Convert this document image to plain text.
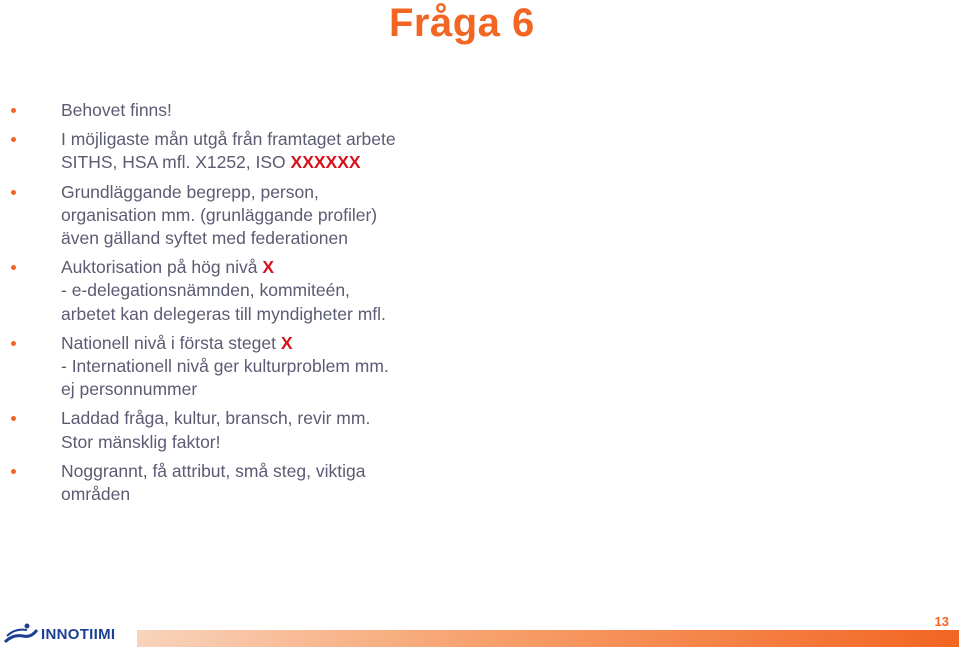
Fråga 6
Behovet finns!
I möjligaste mån utgå från framtaget arbete
SITHS, HSA mfl. X1252, ISO XXXXXX
Grundläggande begrepp, person,
organisation mm. (grunläggande profiler)
även gälland syftet med federationen
Auktorisation på hög nivå X
- e-delegationsnämnden, kommiteén,
arbetet kan delegeras till myndigheter mfl.
Nationell nivå i första steget X
- Internationell nivå ger kulturproblem mm.
ej personnummer
Laddad fråga, kultur, bransch, revir mm.
Stor mänsklig faktor!
Noggrannt, få attribut, små steg, viktiga
områden
INNOTIIMI
13
